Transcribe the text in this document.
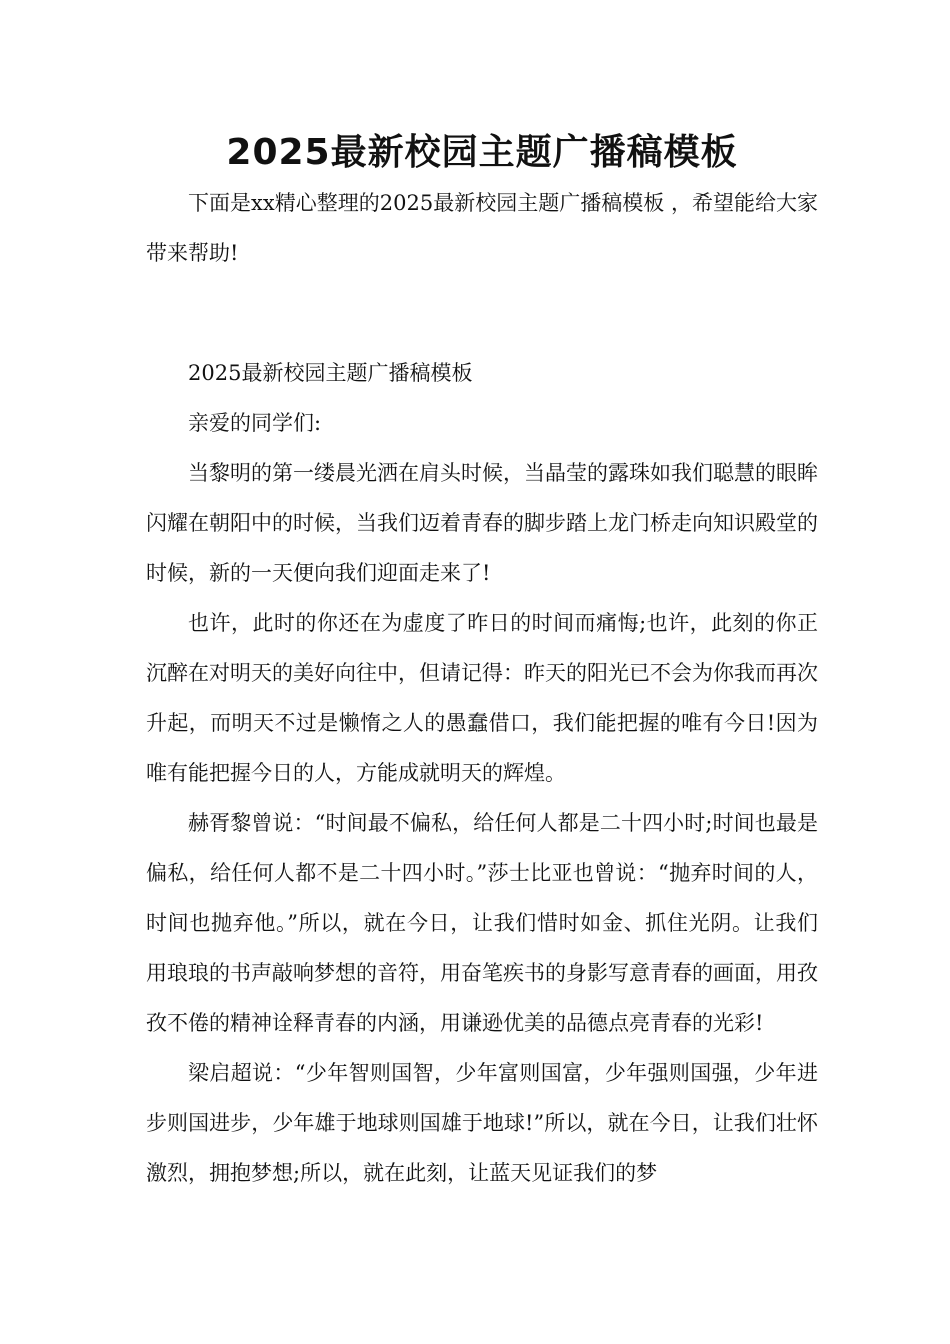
2025最新校园主题广播稿模板

下面是xx精心整理的2025最新校园主题广播稿模板 ，希望能给大家带来帮助!

2025最新校园主题广播稿模板

亲爱的同学们:

当黎明的第一缕晨光洒在肩头时候，当晶莹的露珠如我们聪慧的眼眸闪耀在朝阳中的时候，当我们迈着青春的脚步踏上龙门桥走向知识殿堂的时候，新的一天便向我们迎面走来了!

也许，此时的你还在为虚度了昨日的时间而痛悔;也许，此刻的你正沉醉在对明天的美好向往中，但请记得：昨天的阳光已不会为你我而再次升起，而明天不过是懒惰之人的愚蠢借口，我们能把握的唯有今日!因为唯有能把握今日的人，方能成就明天的辉煌。

赫胥黎曾说：“时间最不偏私，给任何人都是二十四小时;时间也最是偏私，给任何人都不是二十四小时。”莎士比亚也曾说：“抛弃时间的人，时间也抛弃他。”所以，就在今日，让我们惜时如金、抓住光阴。让我们用琅琅的书声敲响梦想的音符，用奋笔疾书的身影写意青春的画面，用孜孜不倦的精神诠释青春的内涵，用谦逊优美的品德点亮青春的光彩!

梁启超说：“少年智则国智，少年富则国富，少年强则国强，少年进步则国进步，少年雄于地球则国雄于地球!”所以，就在今日，让我们壮怀激烈，拥抱梦想;所以，就在此刻，让蓝天见证我们的梦
